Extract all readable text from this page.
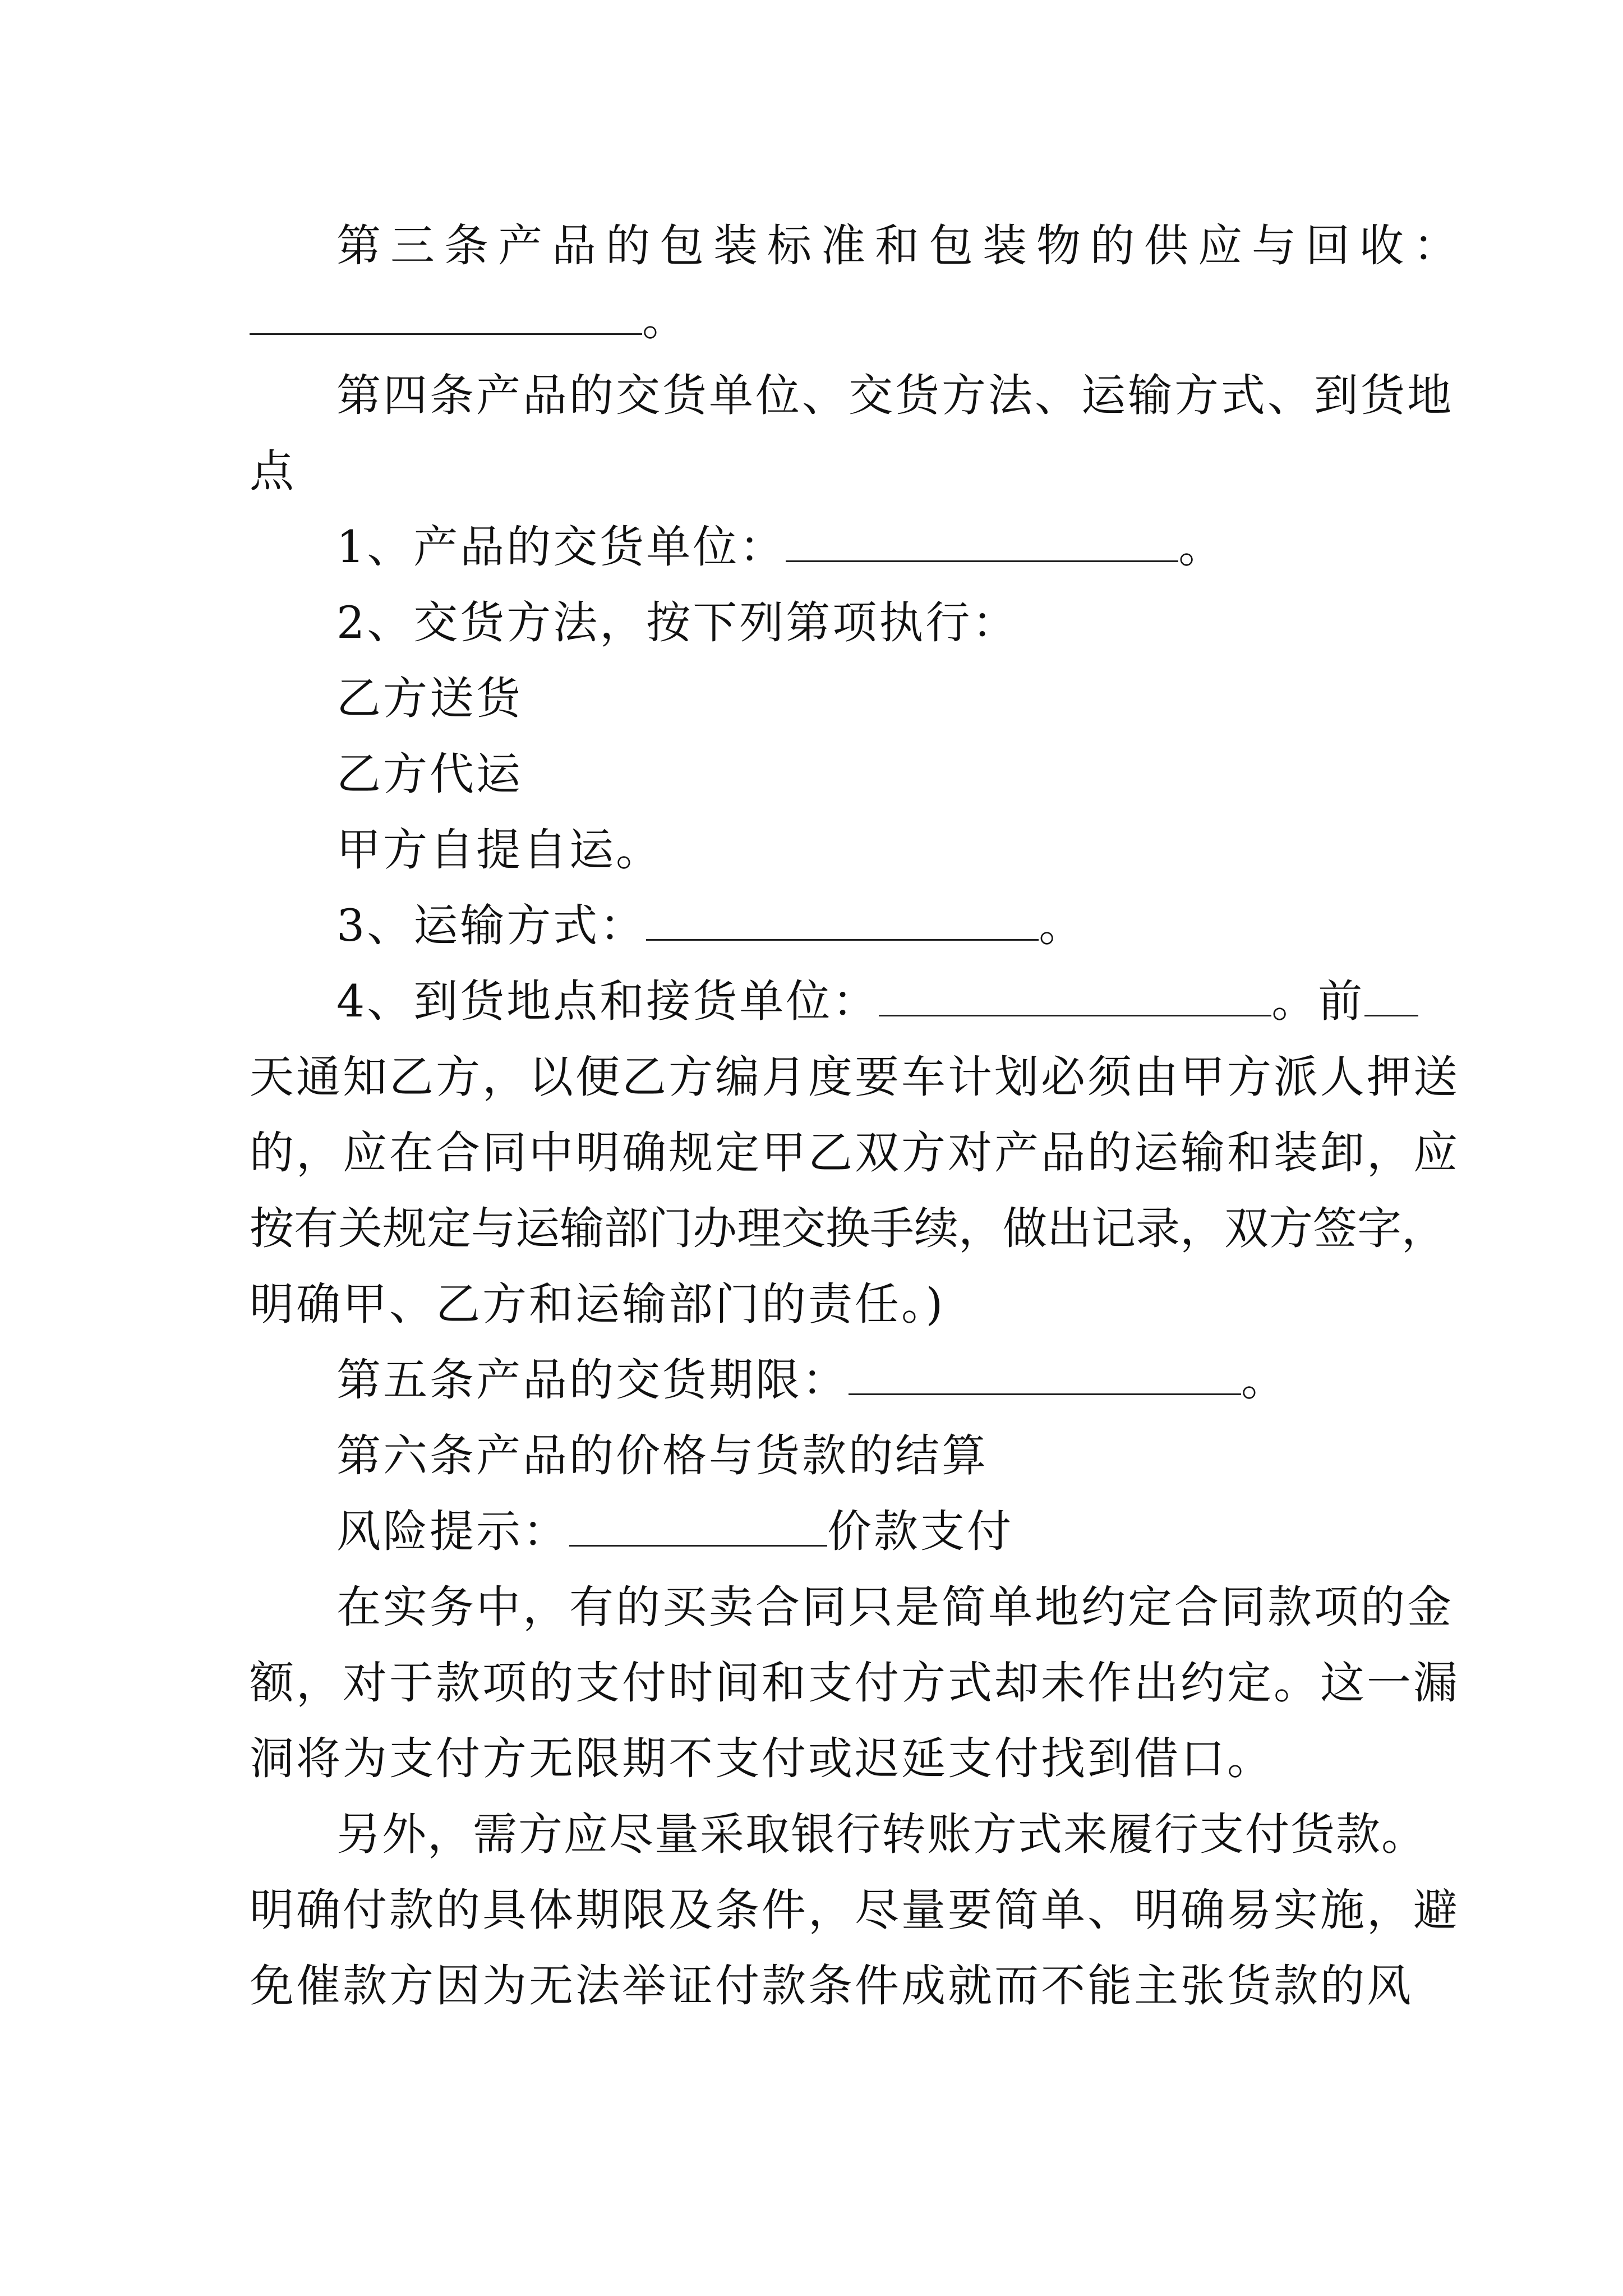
第三条产品的包装标准和包装物的供应与回收：
。
第四条产品的交货单位、交货方法、运输方式、到货地
点
1、产品的交货单位：	。
2、交货方法，按下列第项执行：
乙方送货
乙方代运
甲方自提自运。
3、运输方式：	。
4、到货地点和接货单位：	。前
天通知乙方，以便乙方编月度要车计划必须由甲方派人押送
的，应在合同中明确规定甲乙双方对产品的运输和装卸，应
按有关规定与运输部门办理交换手续，做出记录，双方签字，
明确甲、乙方和运输部门的责任。)
第五条产品的交货期限：	。
第六条产品的价格与货款的结算
风险提示：	价款支付
在实务中，有的买卖合同只是简单地约定合同款项的金
额，对于款项的支付时间和支付方式却未作出约定。这一漏
洞将为支付方无限期不支付或迟延支付找到借口。
另外，需方应尽量采取银行转账方式来履行支付货款。
明确付款的具体期限及条件，尽量要简单、明确易实施，避
免催款方因为无法举证付款条件成就而不能主张货款的风
